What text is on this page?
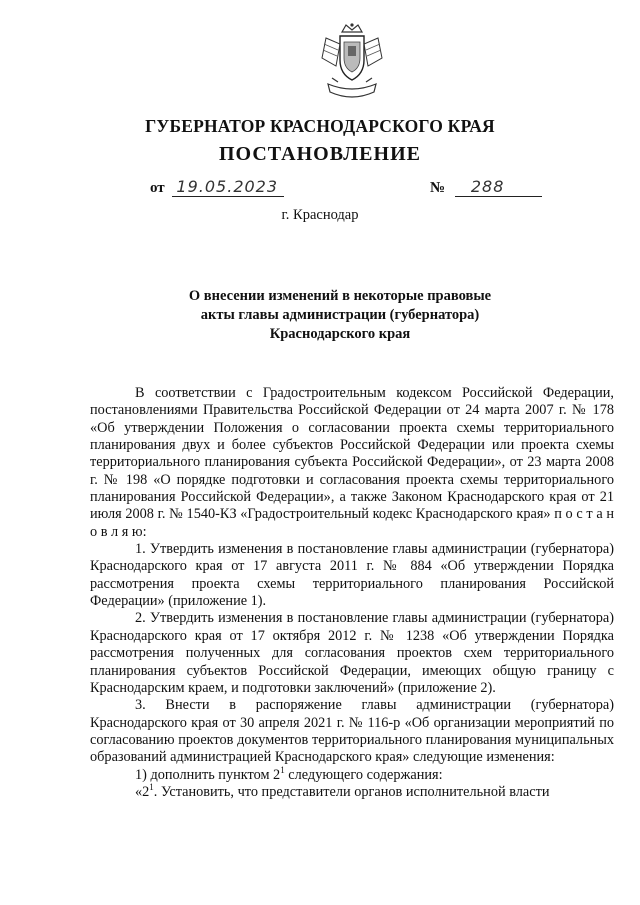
ГУБЕРНАТОР КРАСНОДАРСКОГО КРАЯ
ПОСТАНОВЛЕНИЕ
от 19.05.2023	№ 288
г. Краснодар
О внесении изменений в некоторые правовые
акты главы администрации (губернатора)
Краснодарского края

В соответствии с Градостроительным кодексом Российской Федерации, постановлениями Правительства Российской Федерации от 24 марта 2007 г. № 178 «Об утверждении Положения о согласовании проекта схемы территориального планирования двух и более субъектов Российской Федерации или проекта схемы территориального планирования субъекта Российской Федерации», от 23 марта 2008 г. № 198 «О порядке подготовки и согласования проекта схемы территориального планирования Российской Федерации», а также Законом Краснодарского края от 21 июля 2008 г. № 1540-КЗ «Градостроительный кодекс Краснодарского края» п о с т а н о в л я ю:

1. Утвердить изменения в постановление главы администрации (губернатора) Краснодарского края от 17 августа 2011 г. № 884 «Об утверждении Порядка рассмотрения проекта схемы территориального планирования Российской Федерации» (приложение 1).

2. Утвердить изменения в постановление главы администрации (губернатора) Краснодарского края от 17 октября 2012 г. № 1238 «Об утверждении Порядка рассмотрения полученных для согласования проектов схем территориального планирования субъектов Российской Федерации, имеющих общую границу с Краснодарским краем, и подготовки заключений» (приложение 2).

3. Внести в распоряжение главы администрации (губернатора) Краснодарского края от 30 апреля 2021 г. № 116-р «Об организации мероприятий по согласованию проектов документов территориального планирования муниципальных образований администрацией Краснодарского края» следующие изменения:

1) дополнить пунктом $2^1$ следующего содержания:

«$2^1$. Установить, что представители органов исполнительной власти
